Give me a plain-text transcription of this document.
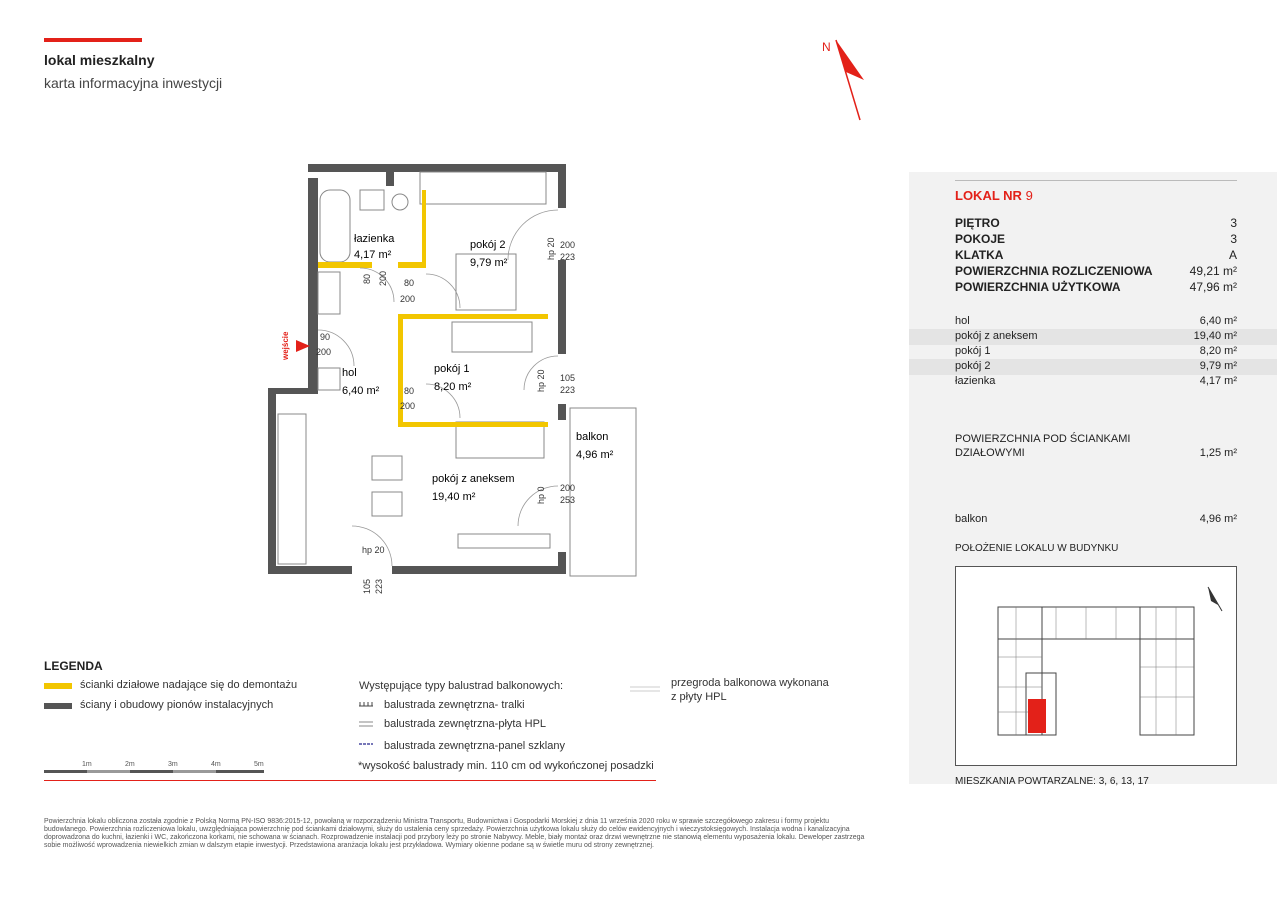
lokal mieszkalny
karta informacyjna inwestycji
N
wejście
łazienka
4,17 m²
pokój 2
9,79 m²
hol
6,40 m²
pokój 1
8,20 m²
balkon
4,96 m²
pokój z aneksem
19,40 m²
80 200 80
200
90
200
80
200
hp 20 200
223
hp 20 105
223
hp 0 200
253
hp 20
105 223
LOKAL NR 9
PIĘTRO	3
POKOJE	3
KLATKA	A
POWIERZCHNIA ROZLICZENIOWA	49,21 m²
POWIERZCHNIA UŻYTKOWA	47,96 m²
hol	6,40 m²
pokój z aneksem	19,40 m²
pokój 1	8,20 m²
pokój 2	9,79 m²
łazienka	4,17 m²
POWIERZCHNIA POD ŚCIANKAMI
DZIAŁOWYMI	1,25 m²
balkon	4,96 m²
POŁOŻENIE LOKALU W BUDYNKU
MIESZKANIA POWTARZALNE: 3, 6, 13, 17
LEGENDA
ścianki działowe nadające się do demontażu
ściany i obudowy pionów instalacyjnych
Występujące typy balustrad balkonowych:
balustrada zewnętrzna- tralki
balustrada zewnętrzna-płyta HPL
balustrada zewnętrzna-panel szklany
*wysokość balustrady min. 110 cm od wykończonej posadzki
przegroda balkonowa wykonana z płyty HPL
1m	2m	3m	4m	5m
Powierzchnia lokalu obliczona została zgodnie z Polską Normą PN-ISO 9836:2015-12, powołaną w rozporządzeniu Ministra Transportu, Budownictwa i Gospodarki Morskiej z dnia 11 września 2020 roku w sprawie szczegółowego zakresu i formy projektu budowlanego. Powierzchnia rozliczeniowa lokalu, uwzględniająca powierzchnię pod ściankami działowymi, służy do ustalenia ceny sprzedaży. Powierzchnia użytkowa lokalu służy do celów ewidencyjnych i wieczystoksięgowych. Instalacja wodna i kanalizacyjna doprowadzona do kuchni, łazienki i WC, zakończona korkami, nie schowana w ścianach. Rozprowadzenie instalacji pod przybory leży po stronie Nabywcy. Meble, biały montaż oraz drzwi wewnętrzne nie stanowią elementu wyposażenia lokalu. Deweloper zastrzega sobie możliwość wprowadzenia niewielkich zmian w dalszym etapie inwestycji. Przedstawiona aranżacja lokalu jest przykładowa. Wymiary okienne podane są w świetle muru od strony zewnętrznej.
